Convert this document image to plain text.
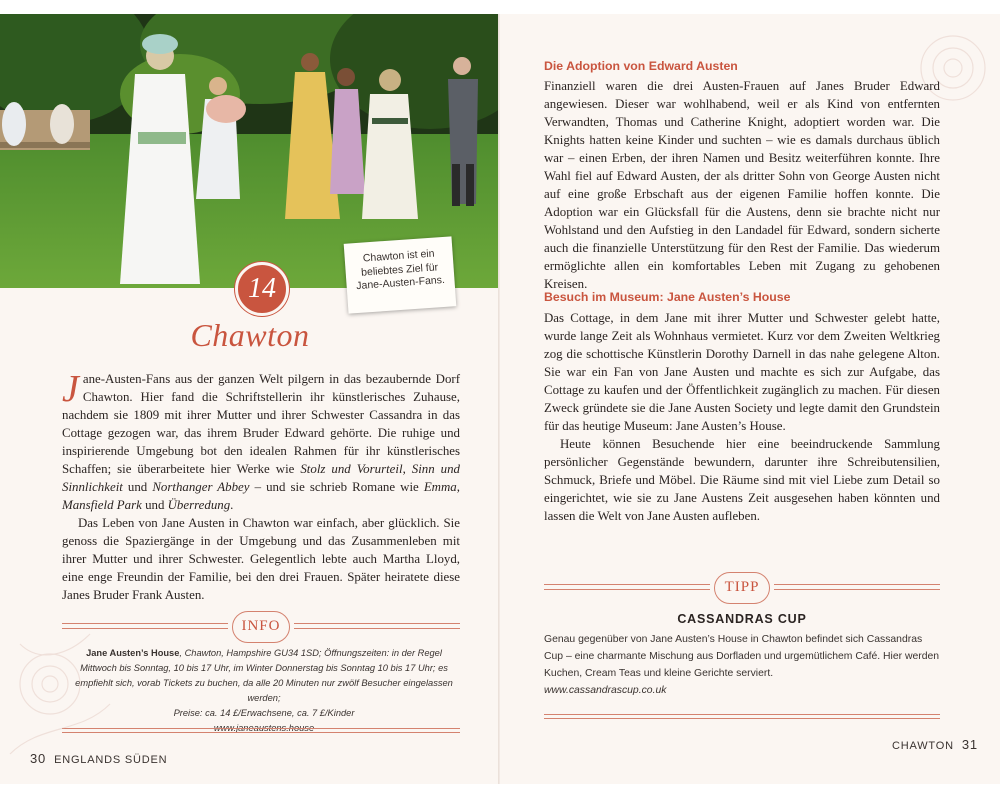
Chawton ist ein
beliebtes Ziel für
Jane-Austen-Fans.
14
Chawton

Jane-Austen-Fans aus der ganzen Welt pilgern in das bezaubernde Dorf Chawton. Hier fand die Schriftstellerin ihr künstlerisches Zuhause, nachdem sie 1809 mit ihrer Mutter und ihrer Schwester Cassandra in das Cottage gezogen war, das ihrem Bruder Edward gehörte. Die ruhige und inspirierende Umgebung bot den idealen Rahmen für ihr künstlerisches Schaffen; sie überarbeitete hier Werke wie Stolz und Vorurteil, Sinn und Sinnlichkeit und Northanger Abbey – und sie schrieb Romane wie Emma, Mansfield Park und Überredung.

Das Leben von Jane Austen in Chawton war einfach, aber glücklich. Sie genoss die Spaziergänge in der Umgebung und das Zusammenleben mit ihrer Mutter und ihrer Schwester. Gelegentlich lebte auch Martha Lloyd, eine enge Freundin der Familie, bei den drei Frauen. Später heiratete diese Janes Bruder Frank Austen.

INFO
Jane Austen’s House, Chawton, Hampshire GU34 1SD; Öffnungszeiten: in der Regel Mittwoch bis Sonntag, 10 bis 17 Uhr, im Winter Donnerstag bis Sonntag 10 bis 17 Uhr; es empfiehlt sich, vorab Tickets zu buchen, da alle 20 Minuten nur zwölf Besucher eingelassen werden;
Preise: ca. 14 £/Erwachsene, ca. 7 £/Kinder
www.janeaustens.house
30 ENGLANDS SÜDEN
Die Adoption von Edward Austen

Finanziell waren die drei Austen-Frauen auf Janes Bruder Edward angewiesen. Dieser war wohlhabend, weil er als Kind von entfernten Verwandten, Thomas und Catherine Knight, adoptiert worden war. Die Knights hatten keine Kinder und suchten – wie es damals durchaus üblich war – einen Erben, der ihren Namen und Besitz weiterführen konnte. Ihre Wahl fiel auf Edward Austen, der als dritter Sohn von George Austen nicht auf eine große Erbschaft aus der eigenen Familie hoffen konnte. Die Adoption war ein Glücksfall für die Austens, denn sie brachte nicht nur Wohlstand und den Aufstieg in den Landadel für Edward, sondern sicherte auch die finanzielle Unterstützung für den Rest der Familie. Das wiederum ermöglichte allen ein komfortables Leben mit Zugang zu gehobenen Kreisen.

Besuch im Museum: Jane Austen’s House

Das Cottage, in dem Jane mit ihrer Mutter und Schwester gelebt hatte, wurde lange Zeit als Wohnhaus vermietet. Kurz vor dem Zweiten Weltkrieg zog die schottische Künstlerin Dorothy Darnell in das nahe gelegene Alton. Sie war ein Fan von Jane Austen und machte es sich zur Aufgabe, das Cottage zu kaufen und der Öffentlichkeit zugänglich zu machen. Für diesen Zweck gründete sie die Jane Austen Society und legte damit den Grundstein für das heutige Museum: Jane Austen’s House.

Heute können Besuchende hier eine beeindruckende Sammlung persönlicher Gegenstände bewundern, darunter ihre Schreibutensilien, Schmuck, Briefe und Möbel. Die Räume sind mit viel Liebe zum Detail so eingerichtet, wie sie zu Jane Austens Zeit ausgesehen haben könnten und lassen die Welt von Jane Austen aufleben.

TIPP
CASSANDRAS CUP

Genau gegenüber von Jane Austen’s House in Chawton befindet sich Cassandras Cup – eine charmante Mischung aus Dorfladen und urgemütlichem Café. Hier werden Kuchen, Cream Teas und kleine Gerichte serviert.

www.cassandrascup.co.uk

CHAWTON 31
